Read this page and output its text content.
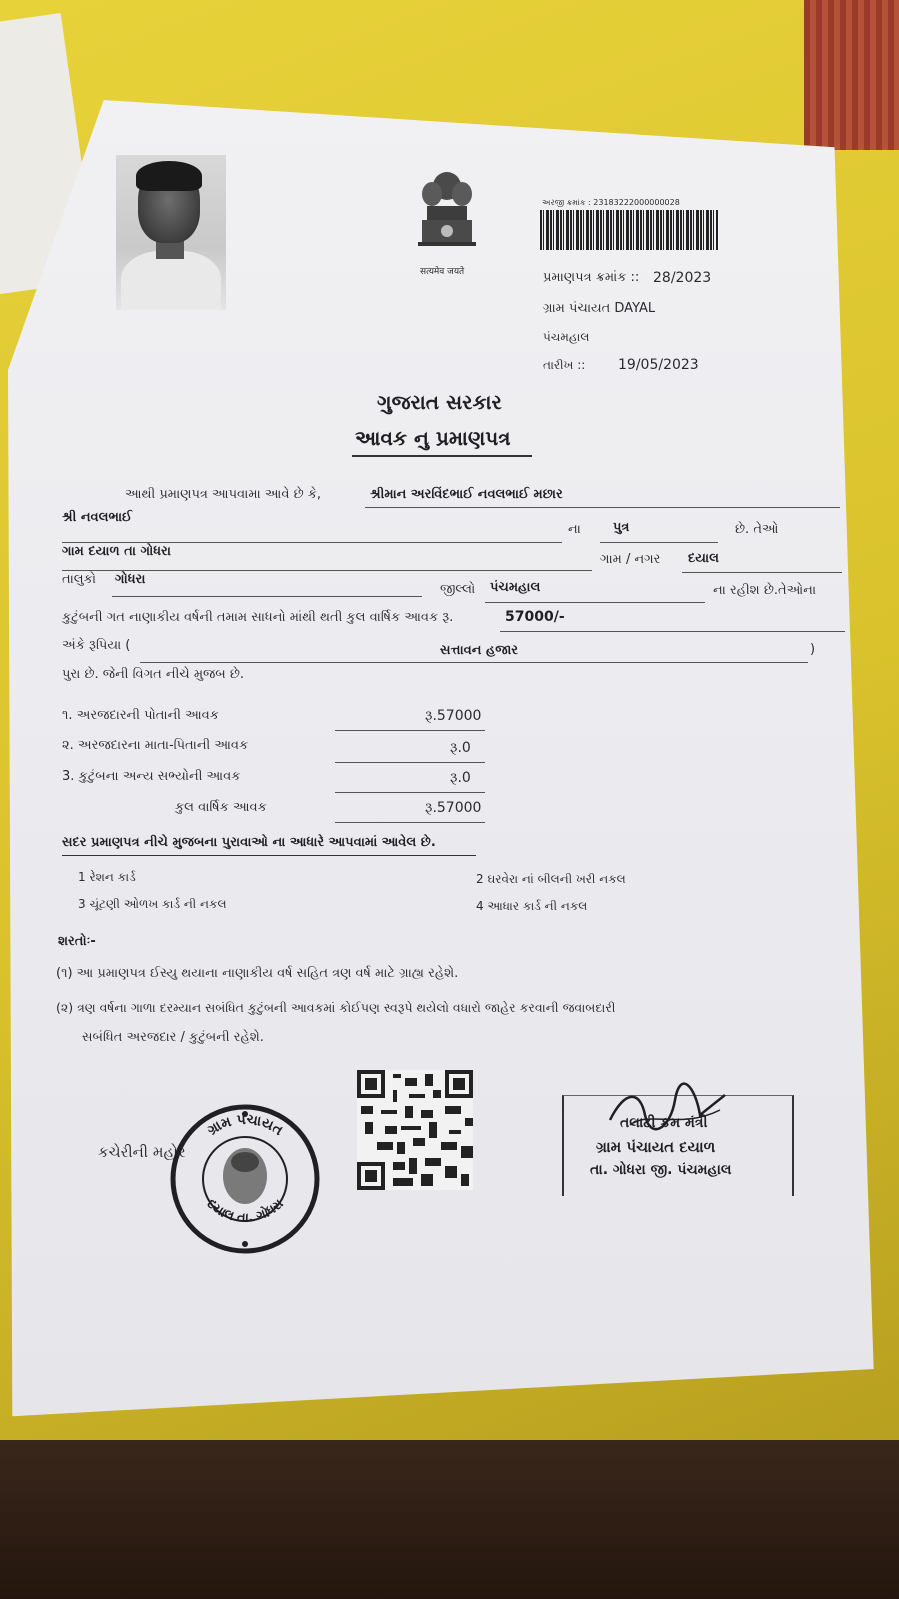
सत्यमेव जयते
અરજી ક્રમાંક : 23183222000000028
પ્રમાણપત્ર ક્રમાંક :: 28/2023
ગ્રામ પંચાયત DAYAL
પંચમહાલ
તારીખ :: 19/05/2023
ગુજરાત સરકાર
આવક નુ પ્રમાણપત્ર
આથી પ્રમાણપત્ર આપવામા આવે છે કે,	શ્રીમાન અરવિંદભાઈ નવલભાઈ મછાર
શ્રી નવલભાઈ
ના પુત્ર	છે. તેઓ
ગામ દયાળ તા ગોધરા
ગામ / નગર દયાલ
તાલુકો ગોધરા
જીલ્લો પંચમહાલ	ના રહીશ છે.તેઓના
કુટુંબની ગત નાણાકીય વર્ષની તમામ સાધનો માંથી થતી કુલ વાર્ષિક આવક રૂ.	57000/-
અંકે રૂપિયા (	સત્તાવન હજાર	)
પુરા છે. જેની વિગત નીચે મુજબ છે.
૧. અરજદારની પોતાની આવક	રૂ.57000
૨. અરજદારના માતા-પિતાની આવક	રૂ.0
3. કુટુંબના અન્ય સભ્યોની આવક	રૂ.0
કુલ વાર્ષિક આવક	રૂ.57000
સદર પ્રમાણપત્ર નીચે મુજબના પુરાવાઓ ના આધારે આપવામાં આવેલ છે.
1 રેશન કાર્ડ	2 ઘરવેરા નાં બીલની ખરી નકલ
3 ચૂંટણી ઓળખ કાર્ડ ની નકલ	4 આધાર કાર્ડ ની નકલ
શરતોઃ-
(૧) આ પ્રમાણપત્ર ઈસ્યુ થયાના નાણાકીય વર્ષ સહિત ત્રણ વર્ષ માટે ગ્રાહ્ય રહેશે.
(૨) ત્રણ વર્ષના ગાળા દરમ્યાન સબંધિત કુટુંબની આવકમાં કોઈપણ સ્વરૂપે થયેલો વધારો જાહેર કરવાની જવાબદારી
સબંધિત અરજદાર / કુટુંબની રહેશે.
કચેરીની મહોર
ગ્રામ પંચાયત
દયાલ તા. ગોધરા
તલાટી કમ મંત્રી
ગ્રામ પંચાયત દયાળ
તા. ગોધરા જી. પંચમહાલ
